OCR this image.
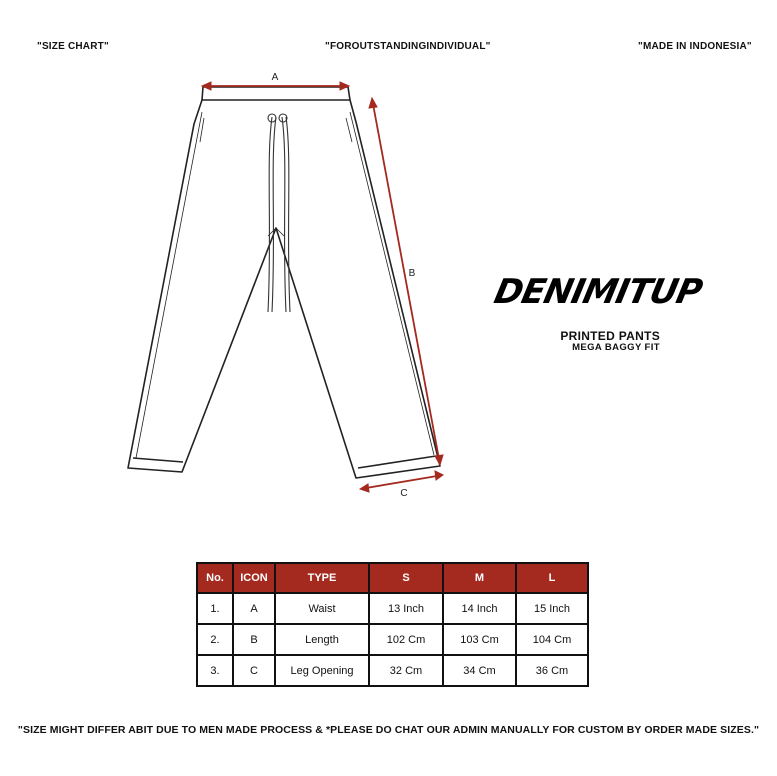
"SIZE CHART"	"FOROUTSTANDINGINDIVIDUAL"	"MADE IN INDONESIA"
A
B
C
DENIMITUP
PRINTED PANTS
MEGA BAGGY FIT
No.	ICON	TYPE	S	M	L
1.	A	Waist	13 Inch	14 Inch	15 Inch
2.	B	Length	102 Cm	103 Cm	104 Cm
3.	C	Leg Opening	32 Cm	34 Cm	36 Cm
"SIZE MIGHT DIFFER ABIT DUE TO MEN MADE PROCESS & *PLEASE DO CHAT OUR ADMIN MANUALLY FOR CUSTOM BY ORDER MADE SIZES."
